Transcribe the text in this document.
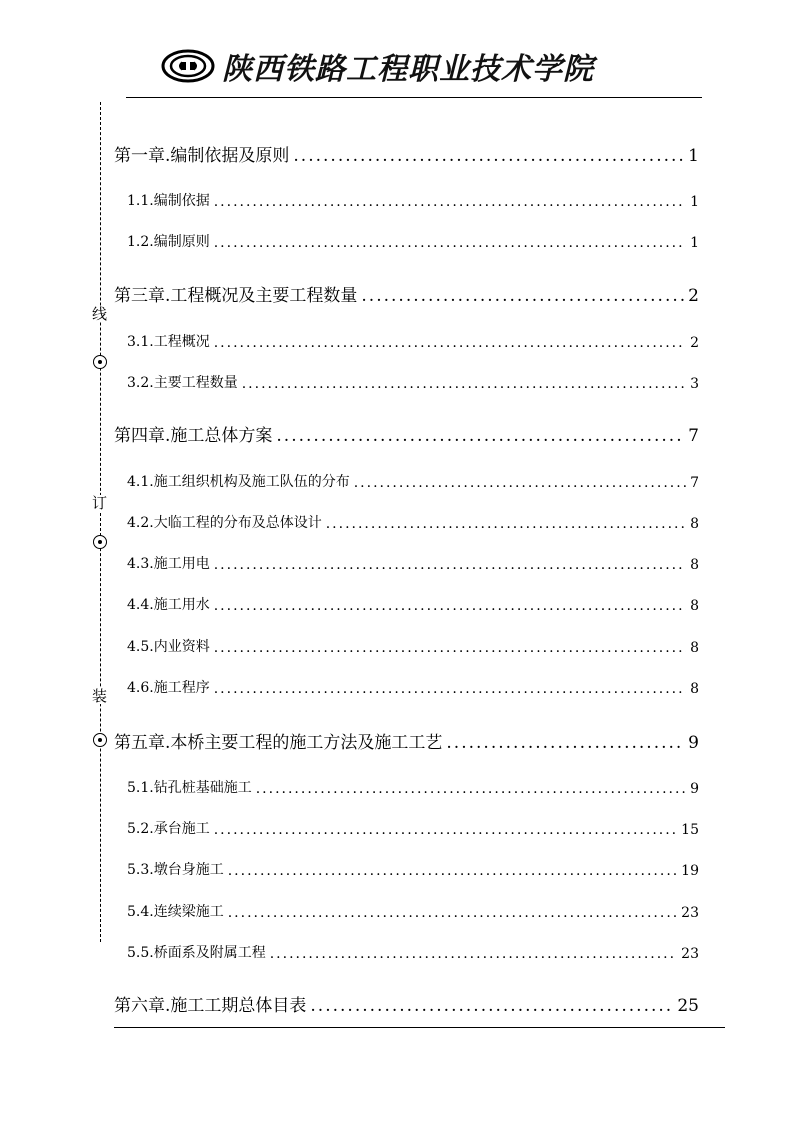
陕西铁路工程职业技术学院
线
订
装
第一章.编制依据及原则 .....	1
1.1.编制依据 .....	1
1.2.编制原则 .....	1
第三章.工程概况及主要工程数量 .....	2
3.1.工程概况 .....	2
3.2.主要工程数量 .....	3
第四章.施工总体方案 .....	7
4.1.施工组织机构及施工队伍的分布 .....	7
4.2.大临工程的分布及总体设计 .....	8
4.3.施工用电 .....	8
4.4.施工用水 .....	8
4.5.内业资料 .....	8
4.6.施工程序 .....	8
第五章.本桥主要工程的施工方法及施工工艺 .....	9
5.1.钻孔桩基础施工 .....	9
5.2.承台施工 .....	15
5.3.墩台身施工 .....	19
5.4.连续梁施工 .....	23
5.5.桥面系及附属工程 .....	23
第六章.施工工期总体目表 .....	25
